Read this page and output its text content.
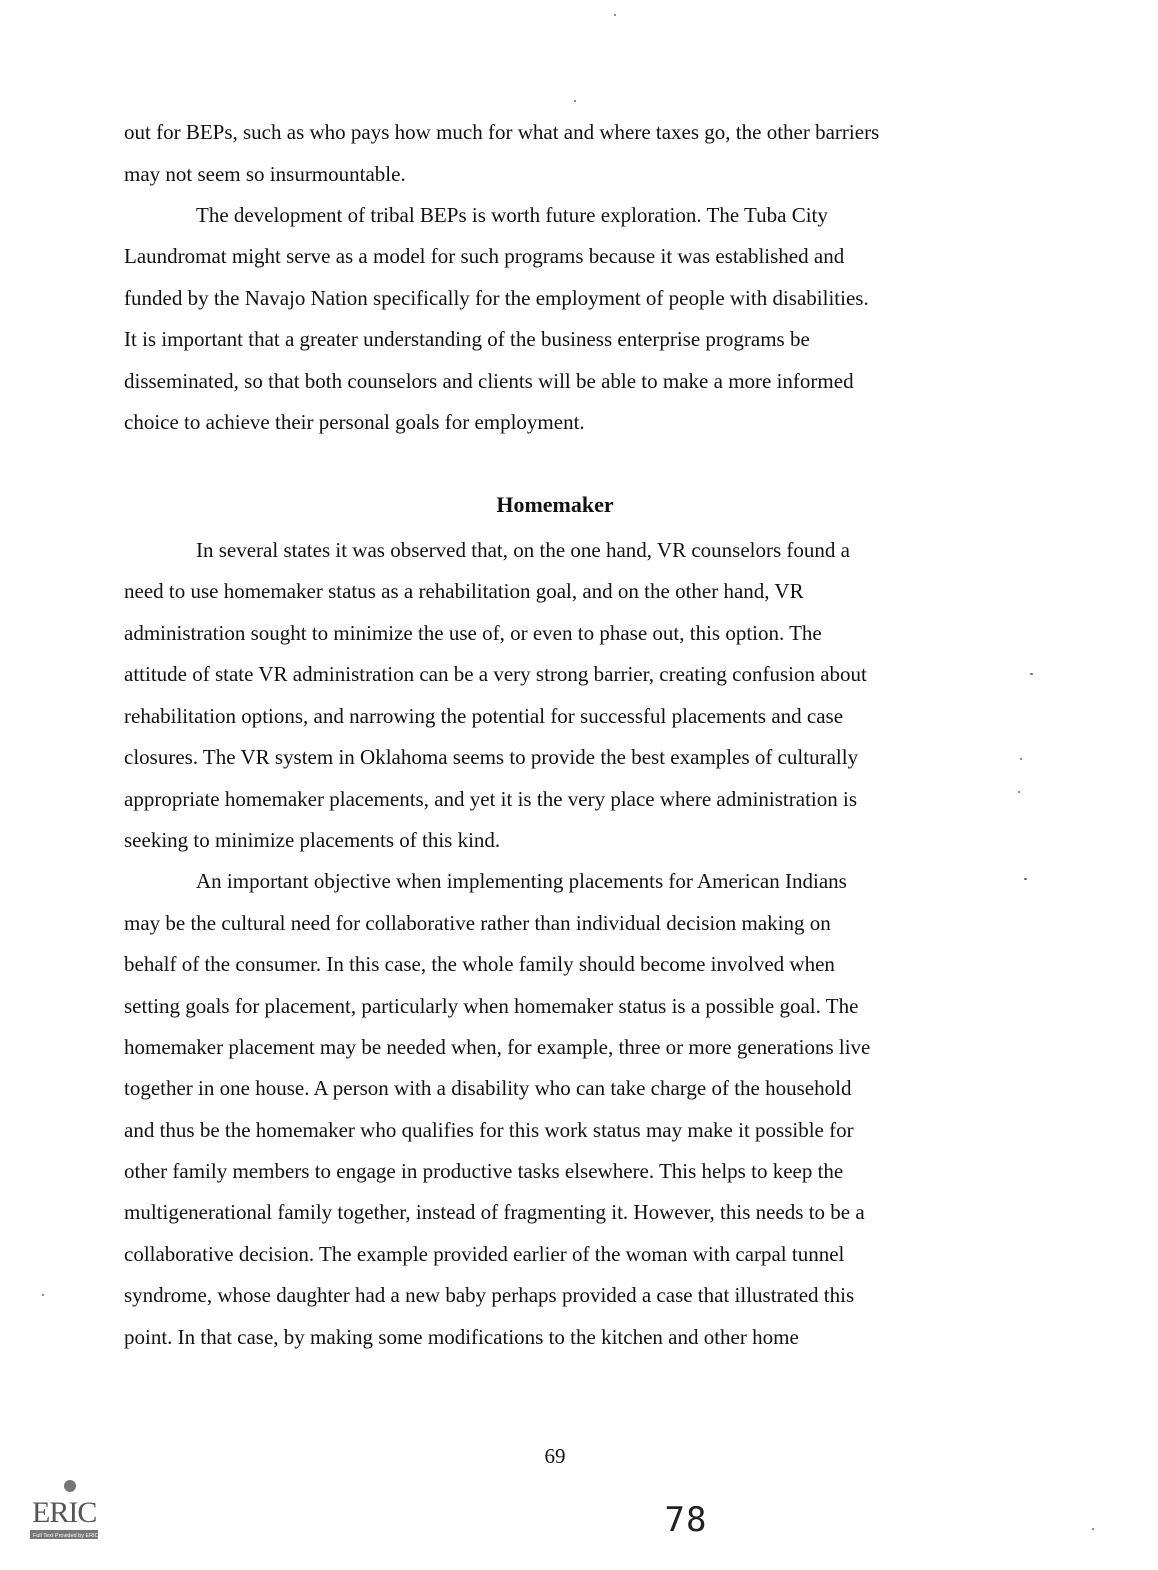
out for BEPs, such as who pays how much for what and where taxes go, the other barriers

may not seem so insurmountable.

The development of tribal BEPs is worth future exploration. The Tuba City

Laundromat might serve as a model for such programs because it was established and

funded by the Navajo Nation specifically for the employment of people with disabilities.

It is important that a greater understanding of the business enterprise programs be

disseminated, so that both counselors and clients will be able to make a more informed

choice to achieve their personal goals for employment.

Homemaker

In several states it was observed that, on the one hand, VR counselors found a

need to use homemaker status as a rehabilitation goal, and on the other hand, VR

administration sought to minimize the use of, or even to phase out, this option. The

attitude of state VR administration can be a very strong barrier, creating confusion about

rehabilitation options, and narrowing the potential for successful placements and case

closures. The VR system in Oklahoma seems to provide the best examples of culturally

appropriate homemaker placements, and yet it is the very place where administration is

seeking to minimize placements of this kind.

An important objective when implementing placements for American Indians

may be the cultural need for collaborative rather than individual decision making on

behalf of the consumer. In this case, the whole family should become involved when

setting goals for placement, particularly when homemaker status is a possible goal. The

homemaker placement may be needed when, for example, three or more generations live

together in one house. A person with a disability who can take charge of the household

and thus be the homemaker who qualifies for this work status may make it possible for

other family members to engage in productive tasks elsewhere. This helps to keep the

multigenerational family together, instead of fragmenting it. However, this needs to be a

collaborative decision. The example provided earlier of the woman with carpal tunnel

syndrome, whose daughter had a new baby perhaps provided a case that illustrated this

point. In that case, by making some modifications to the kitchen and other home

69

78

ERIC
Full Text Provided by ERIC
